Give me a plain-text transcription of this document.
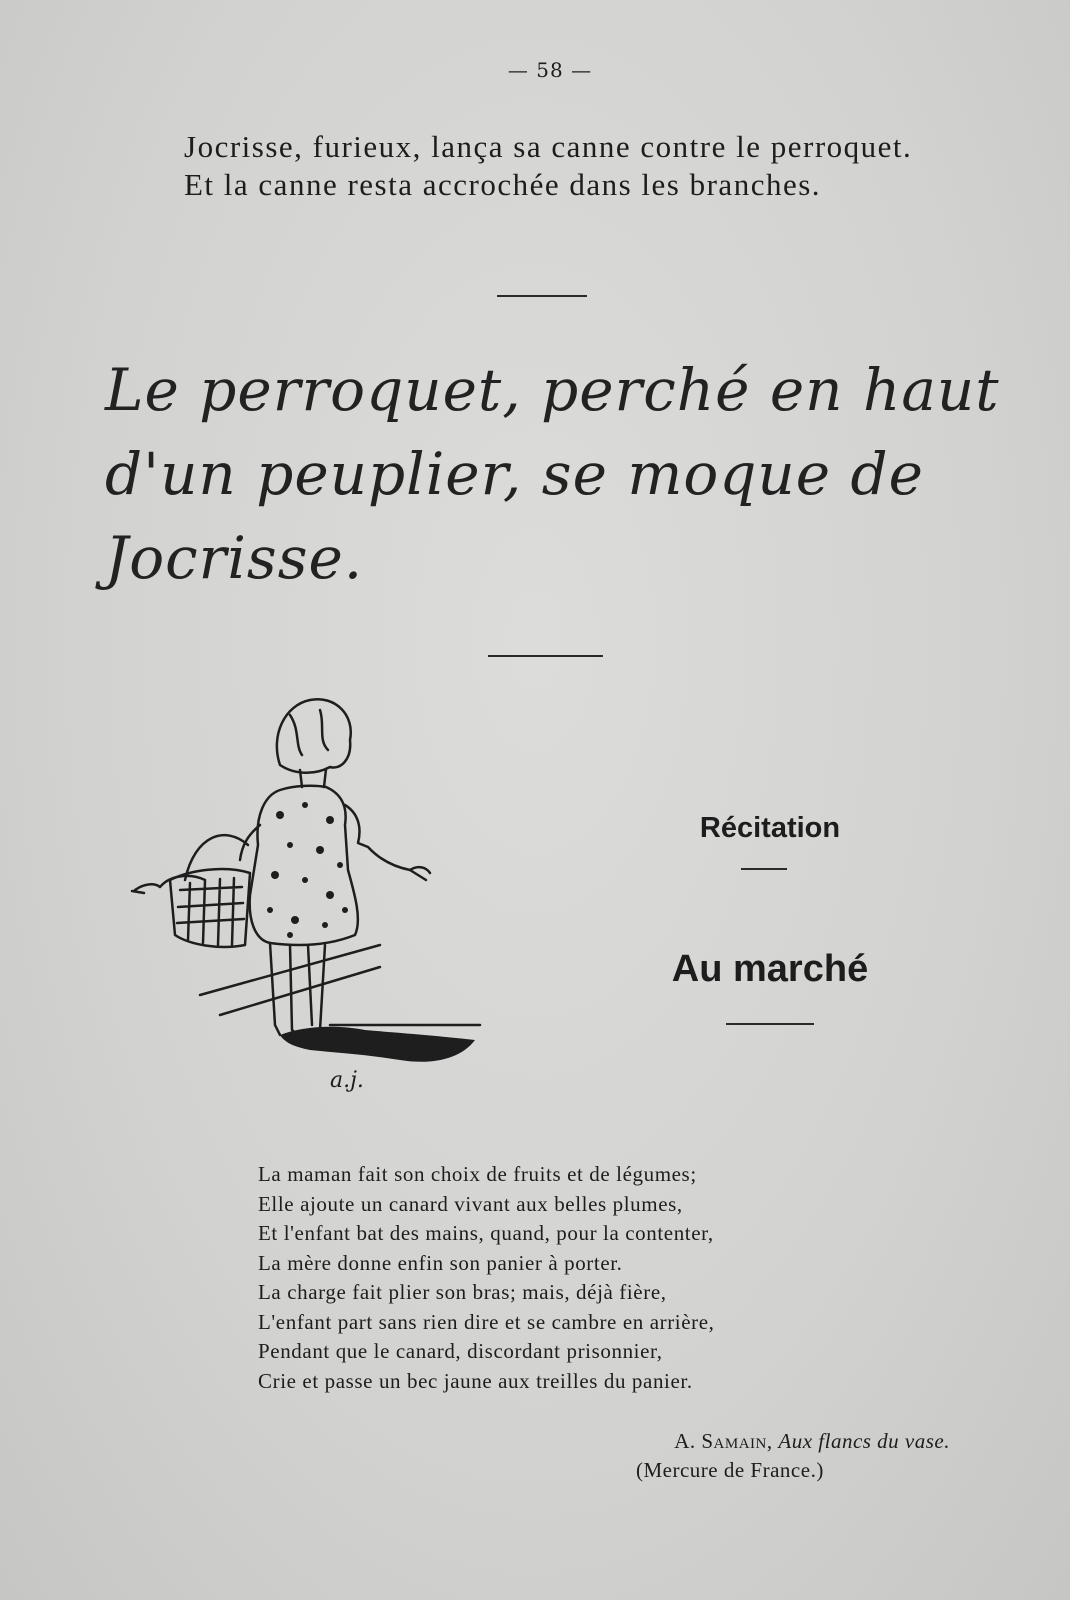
— 58 —

Jocrisse, furieux, lança sa canne contre le perroquet.

Et la canne resta accrochée dans les branches.

Le perroquet, perché en haut
d'un peuplier, se moque de
Jocrisse.
a.j.
Récitation
Au marché
La maman fait son choix de fruits et de légumes;
Elle ajoute un canard vivant aux belles plumes,
Et l'enfant bat des mains, quand, pour la contenter,
La mère donne enfin son panier à porter.
La charge fait plier son bras; mais, déjà fière,
L'enfant part sans rien dire et se cambre en arrière,
Pendant que le canard, discordant prisonnier,
Crie et passe un bec jaune aux treilles du panier.
A. Samain, Aux flancs du vase.
(Mercure de France.)
